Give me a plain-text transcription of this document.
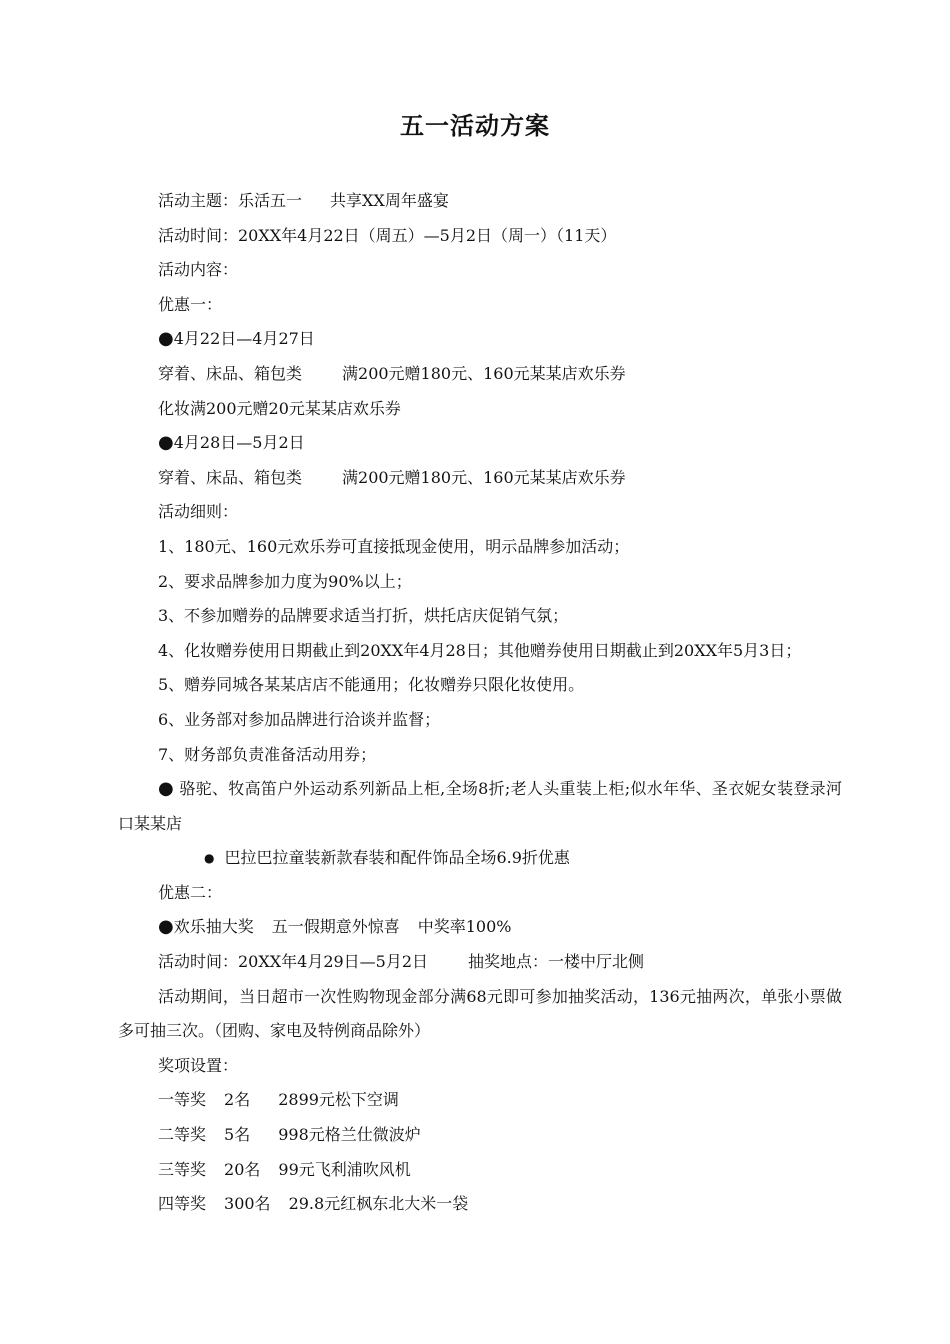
五一活动方案

活动主题：乐活五一 共享XX周年盛宴

活动时间：20XX年4月22日（周五）—5月2日（周一）（11天）

活动内容：

优惠一：

●4月22日—4月27日

穿着、床品、箱包类	满200元赠180元、160元某某店欢乐券

化妆满200元赠20元某某店欢乐券

●4月28日—5月2日

穿着、床品、箱包类	满200元赠180元、160元某某店欢乐券

活动细则：

1、180元、160元欢乐券可直接抵现金使用，明示品牌参加活动；

2、要求品牌参加力度为90%以上；

3、不参加赠券的品牌要求适当打折，烘托店庆促销气氛；

4、化妆赠券使用日期截止到20XX年4月28日；其他赠券使用日期截止到20XX年5月3日；

5、赠券同城各某某店店不能通用；化妆赠券只限化妆使用。

6、业务部对参加品牌进行洽谈并监督；

7、财务部负责准备活动用券；

● 骆驼、牧高笛户外运动系列新品上柜,全场8折;老人头重装上柜;似水年华、圣衣妮女装登录河口某某店

● 巴拉巴拉童装新款春装和配件饰品全场6.9折优惠

优惠二：

●欢乐抽大奖 五一假期意外惊喜 中奖率100%

活动时间：20XX年4月29日—5月2日	抽奖地点：一楼中厅北侧

活动期间，当日超市一次性购物现金部分满68元即可参加抽奖活动，136元抽两次，单张小票做多可抽三次。（团购、家电及特例商品除外）

奖项设置：

一等奖 2名 2899元松下空调

二等奖 5名 998元格兰仕微波炉

三等奖 20名 99元飞利浦吹风机

四等奖 300名 29.8元红枫东北大米一袋
